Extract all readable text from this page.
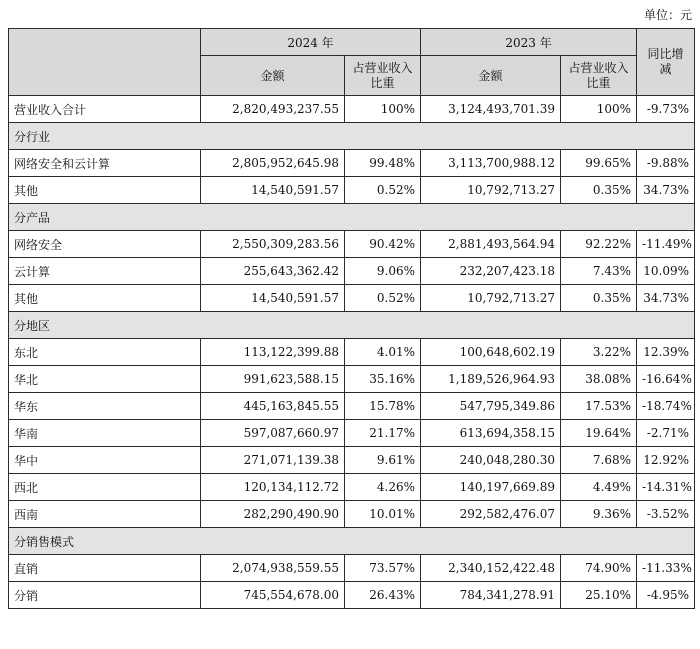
单位：元
	2024 年		2023 年		同比增减
	金额	占营业收入比重	金额	占营业收入比重	
营业收入合计	2,820,493,237.55	100%	3,124,493,701.39	100%	-9.73%
分行业					
网络安全和云计算	2,805,952,645.98	99.48%	3,113,700,988.12	99.65%	-9.88%
其他	14,540,591.57	0.52%	10,792,713.27	0.35%	34.73%
分产品					
网络安全	2,550,309,283.56	90.42%	2,881,493,564.94	92.22%	-11.49%
云计算	255,643,362.42	9.06%	232,207,423.18	7.43%	10.09%
其他	14,540,591.57	0.52%	10,792,713.27	0.35%	34.73%
分地区					
东北	113,122,399.88	4.01%	100,648,602.19	3.22%	12.39%
华北	991,623,588.15	35.16%	1,189,526,964.93	38.08%	-16.64%
华东	445,163,845.55	15.78%	547,795,349.86	17.53%	-18.74%
华南	597,087,660.97	21.17%	613,694,358.15	19.64%	-2.71%
华中	271,071,139.38	9.61%	240,048,280.30	7.68%	12.92%
西北	120,134,112.72	4.26%	140,197,669.89	4.49%	-14.31%
西南	282,290,490.90	10.01%	292,582,476.07	9.36%	-3.52%
分销售模式					
直销	2,074,938,559.55	73.57%	2,340,152,422.48	74.90%	-11.33%
分销	745,554,678.00	26.43%	784,341,278.91	25.10%	-4.95%
